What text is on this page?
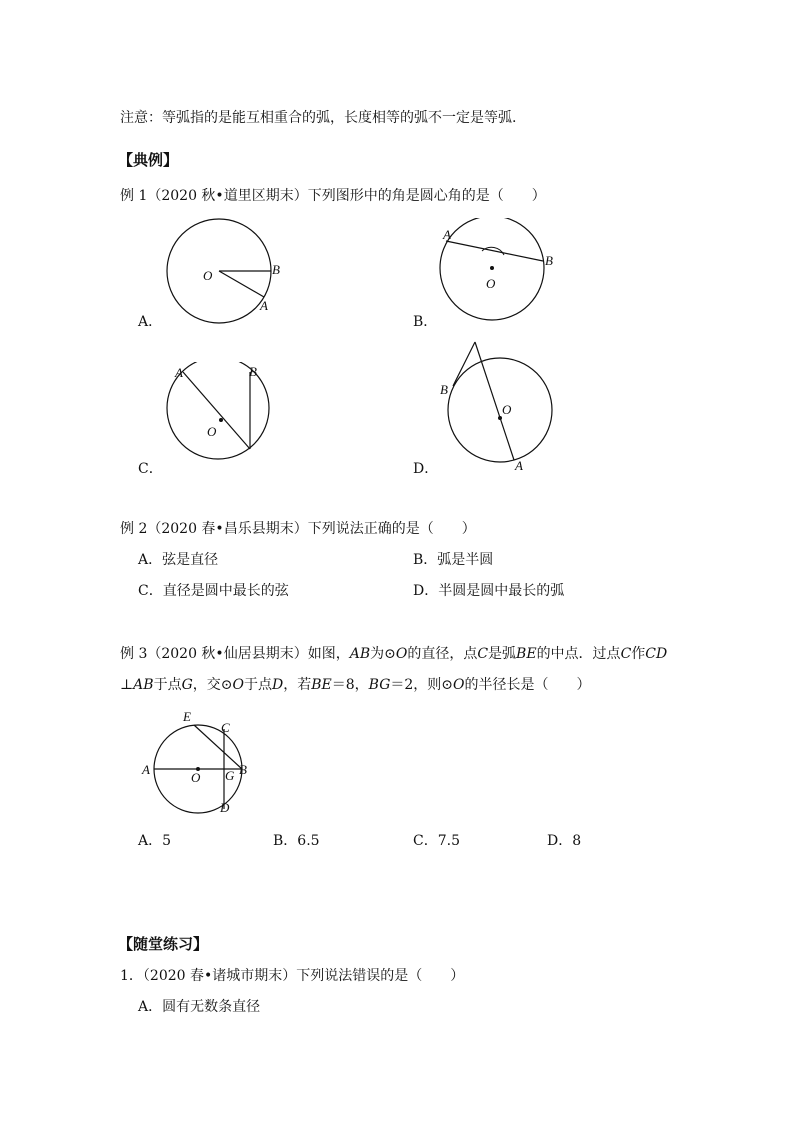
注意：等弧指的是能互相重合的弧，长度相等的弧不一定是等弧.
【典例】
例 1（2020 秋•道里区期末）下列图形中的角是圆心角的是（　　）
O	B
A
A．
A
O
B
B．
A	B
O
C．
B
O
A
D．
例 2（2020 春•昌乐县期末）下列说法正确的是（　　）
A．弦是直径	B．弧是半圆
C．直径是圆中最长的弦	D．半圆是圆中最长的弧
例 3（2020 秋•仙居县期末）如图，AB为⊙O的直径，点C是弧BE的中点．过点C作CD
⊥AB于点G，交⊙O于点D，若BE＝8，BG＝2，则⊙O的半径长是（　　）
E
C
A
O G B
D
A．5	B．6.5	C．7.5	D．8
【随堂练习】
1．（2020 春•诸城市期末）下列说法错误的是（　　）
A．圆有无数条直径
